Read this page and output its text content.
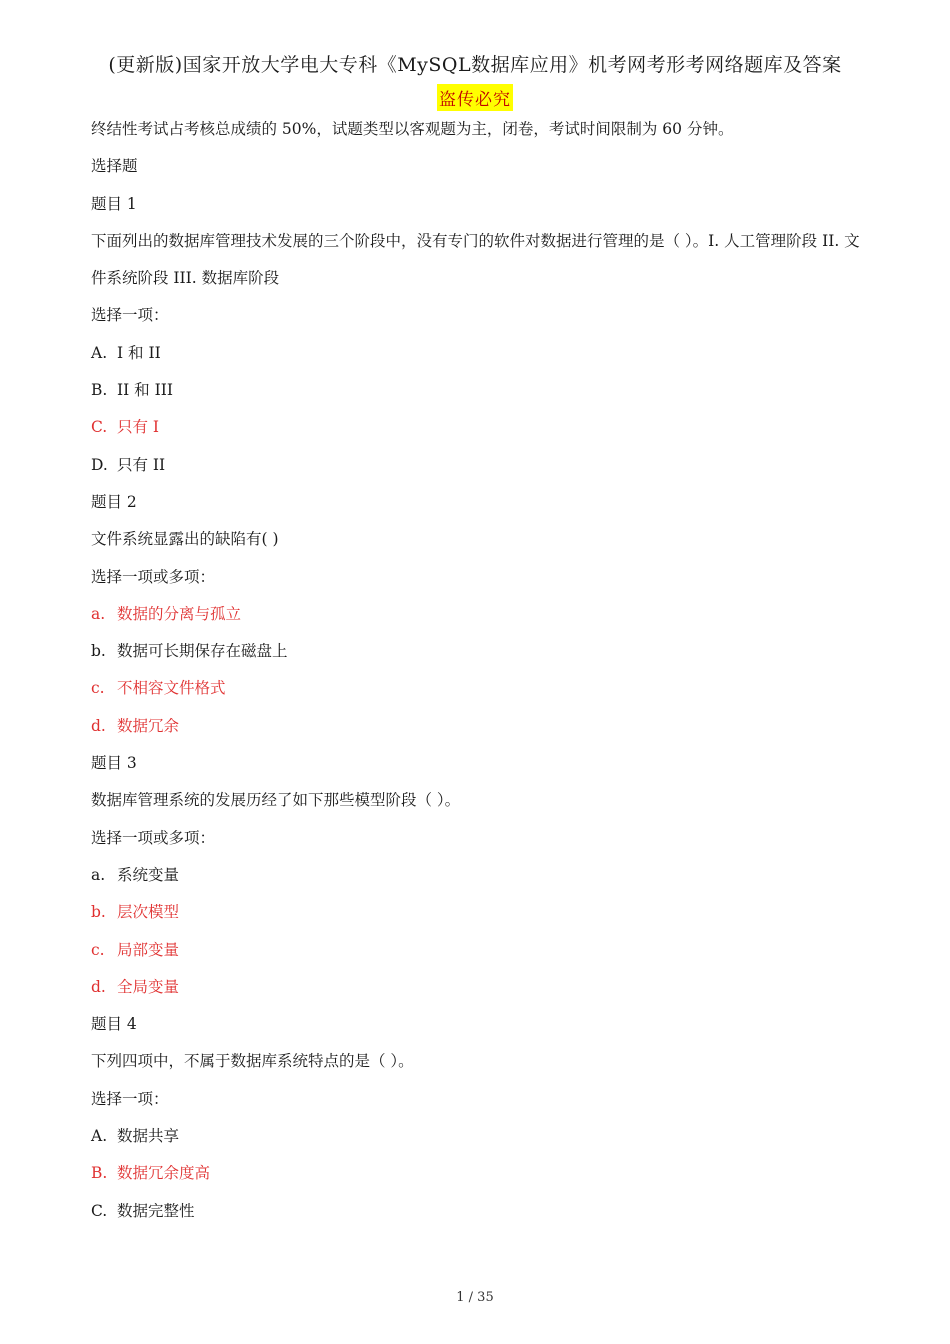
(更新版)国家开放大学电大专科《MySQL数据库应用》机考网考形考网络题库及答案
盗传必究

终结性考试占考核总成绩的 50%，试题类型以客观题为主，闭卷，考试时间限制为 60 分钟。

选择题

题目 1

下面列出的数据库管理技术发展的三个阶段中，没有专门的软件对数据进行管理的是（ ）。I. 人工管理阶段 II. 文件系统阶段 III. 数据库阶段

选择一项：

A. I 和 II

B. II 和 III

C. 只有 I

D. 只有 II

题目 2

文件系统显露出的缺陷有( )

选择一项或多项：

a. 数据的分离与孤立

b. 数据可长期保存在磁盘上

c. 不相容文件格式

d. 数据冗余

题目 3

数据库管理系统的发展历经了如下那些模型阶段（ ）。

选择一项或多项：

a. 系统变量

b. 层次模型

c. 局部变量

d. 全局变量

题目 4

下列四项中，不属于数据库系统特点的是（ ）。

选择一项：

A. 数据共享

B. 数据冗余度高

C. 数据完整性

1 / 35
